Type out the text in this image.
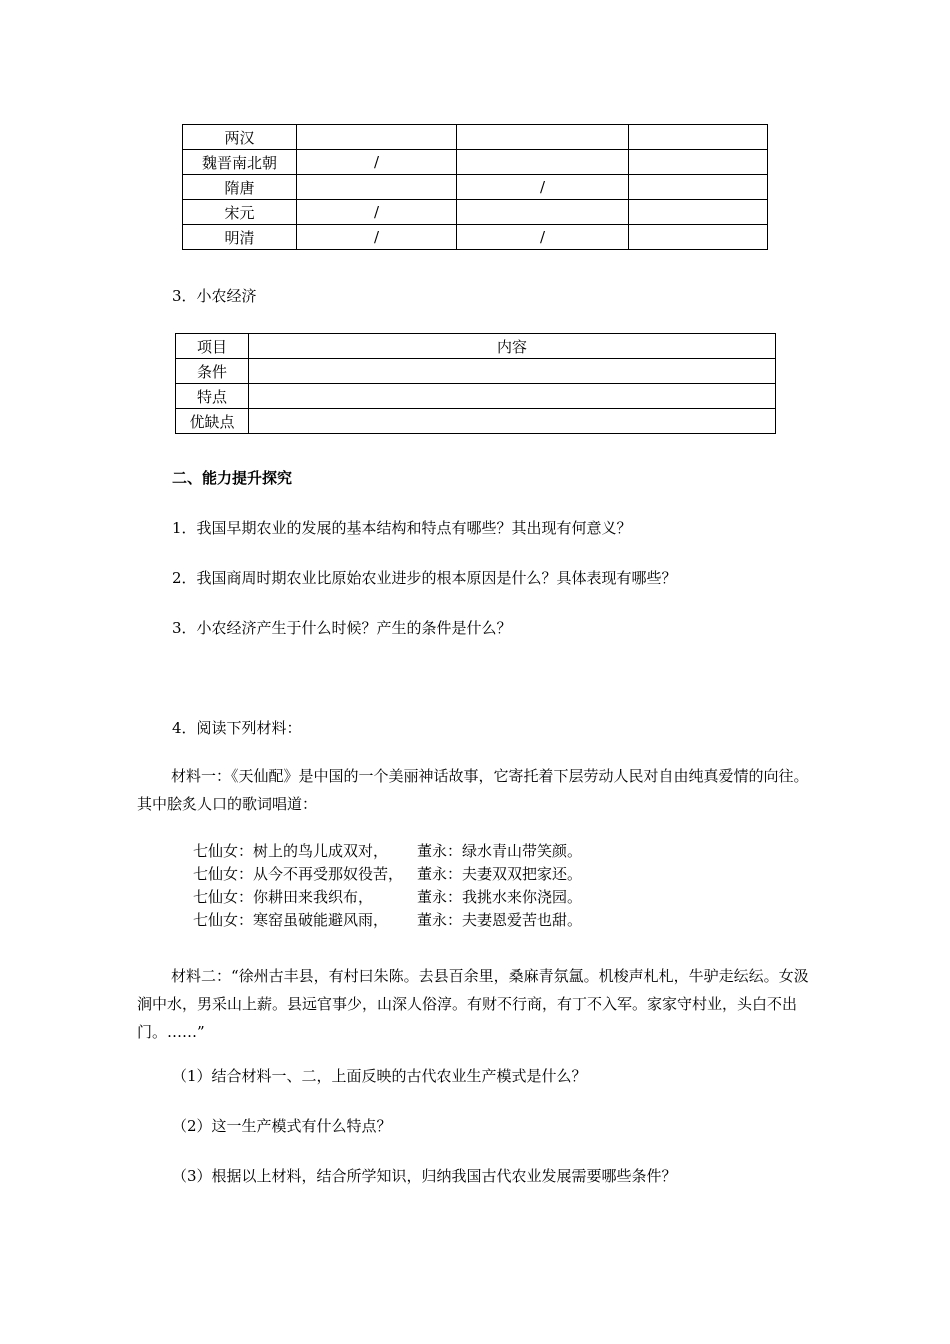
两汉			
魏晋南北朝	/		
隋唐		/	
宋元	/		
明清	/	/	
3．小农经济
项目	内容
条件	
特点	
优缺点	
二、能力提升探究
1．我国早期农业的发展的基本结构和特点有哪些？其出现有何意义？
2．我国商周时期农业比原始农业进步的根本原因是什么？具体表现有哪些？
3．小农经济产生于什么时候？产生的条件是什么？
4．阅读下列材料：
材料一：《天仙配》是中国的一个美丽神话故事，它寄托着下层劳动人民对自由纯真爱情的向往。其中脍炙人口的歌词唱道：
七仙女：树上的鸟儿成双对， 董永：绿水青山带笑颜。
七仙女：从今不再受那奴役苦， 董永：夫妻双双把家还。
七仙女：你耕田来我织布，	董永：我挑水来你浇园。
七仙女：寒窑虽破能避风雨， 董永：夫妻恩爱苦也甜。
材料二：“徐州古丰县，有村曰朱陈。去县百余里，桑麻青氛氲。机梭声札札，牛驴走纭纭。女汲涧中水，男采山上薪。县远官事少，山深人俗淳。有财不行商，有丁不入军。家家守村业，头白不出门。……”
（1）结合材料一、二，上面反映的古代农业生产模式是什么？
（2）这一生产模式有什么特点？
（3）根据以上材料，结合所学知识，归纳我国古代农业发展需要哪些条件？
